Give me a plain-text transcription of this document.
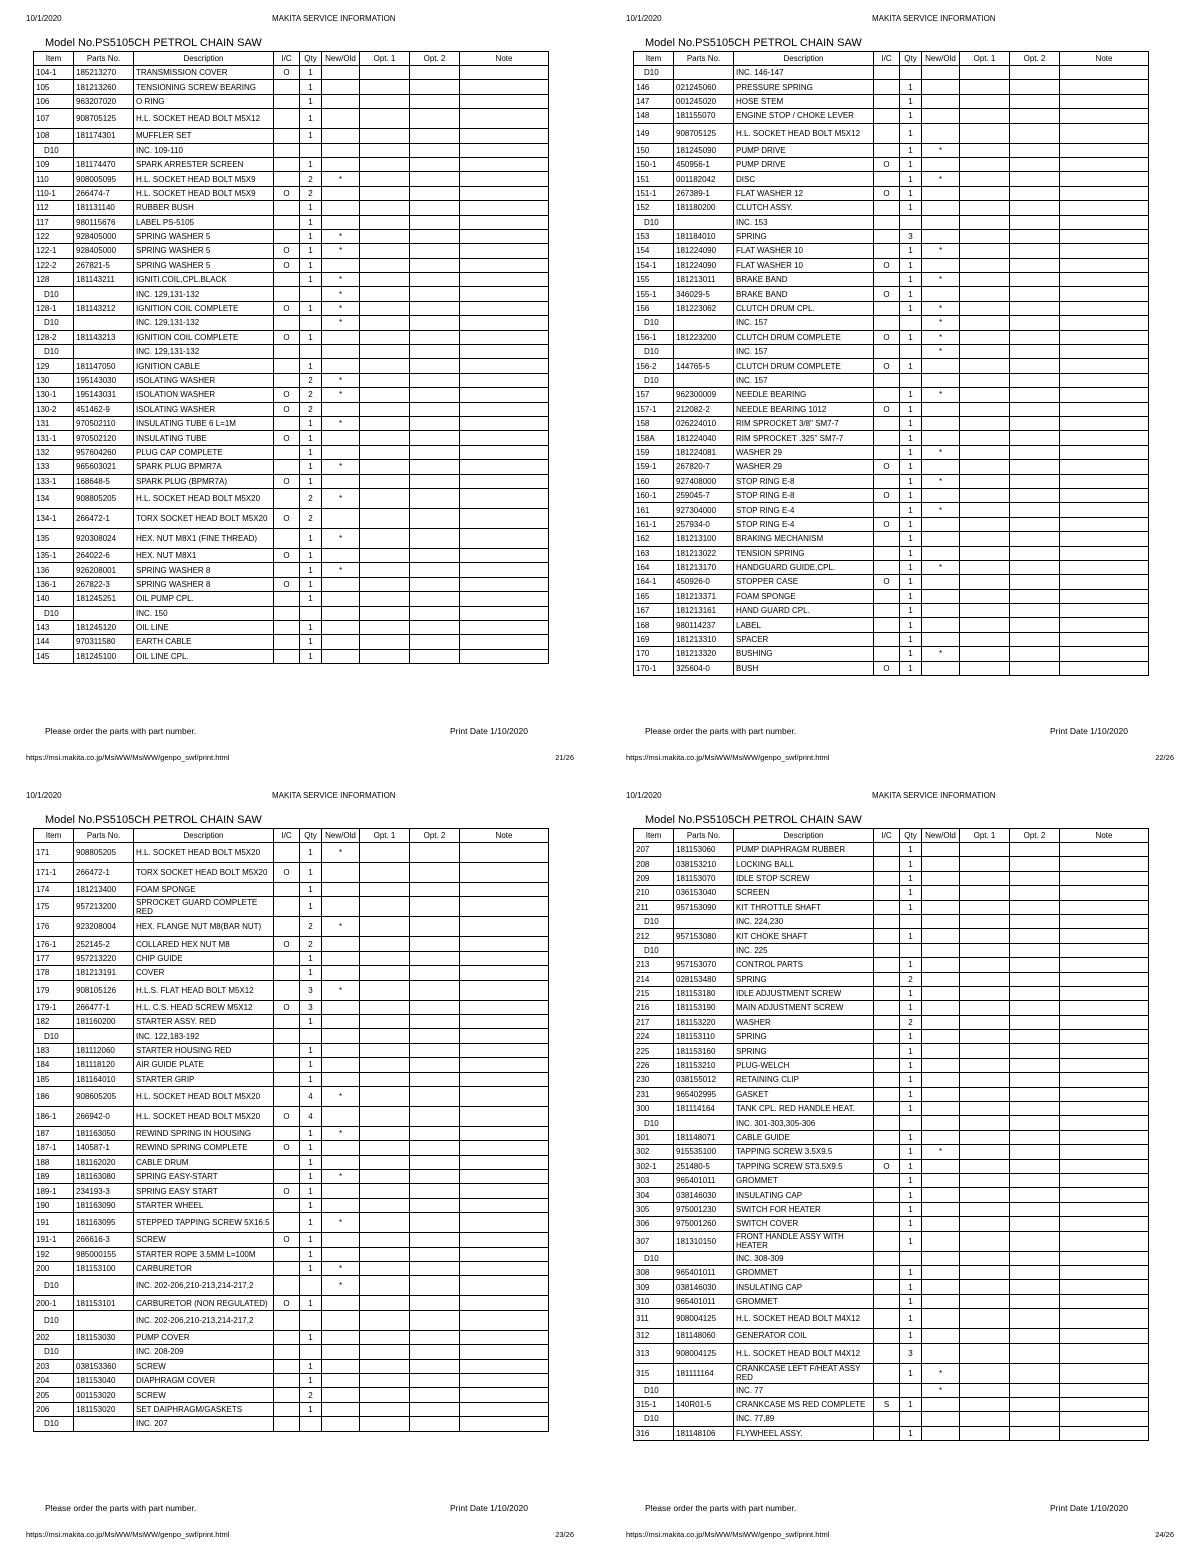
10/1/2020	MAKITA SERVICE INFORMATION
Model No.PS5105CH PETROL CHAIN SAW
Item	Parts No.	Description	I/C	Qty	New/Old	Opt. 1	Opt. 2	Note
104-1	185213270	TRANSMISSION COVER	O	1				
105	181213260	TENSIONING SCREW BEARING		1				
106	963207020	O RING		1				
107	908705125	H.L. SOCKET HEAD BOLT M5X12		1				
108	181174301	MUFFLER SET		1				
D10		INC. 109-110						
109	181174470	SPARK ARRESTER SCREEN		1				
110	908005095	H.L. SOCKET HEAD BOLT M5X9		2	*			
110-1	266474-7	H.L. SOCKET HEAD BOLT M5X9	O	2				
112	181131140	RUBBER BUSH		1				
117	980115676	LABEL PS-5105		1				
122	928405000	SPRING WASHER 5		1	*			
122-1	928405000	SPRING WASHER 5	O	1	*			
122-2	267821-5	SPRING WASHER 5	O	1				
128	181143211	IGNITI.COIL,CPL.BLACK		1	*			
D10		INC. 129,131-132			*			
128-1	181143212	IGNITION COIL COMPLETE	O	1	*			
D10		INC. 129,131-132			*			
128-2	181143213	IGNITION COIL COMPLETE	O	1				
D10		INC. 129,131-132						
129	181147050	IGNITION CABLE		1				
130	195143030	ISOLATING WASHER		2	*			
130-1	195143031	ISOLATION WASHER	O	2	*			
130-2	451462-9	ISOLATING WASHER	O	2				
131	970502110	INSULATING TUBE 6 L=1M		1	*			
131-1	970502120	INSULATING TUBE	O	1				
132	957604260	PLUG CAP COMPLETE		1				
133	965603021	SPARK PLUG BPMR7A		1	*			
133-1	168648-5	SPARK PLUG (BPMR7A)	O	1				
134	908805205	H.L. SOCKET HEAD BOLT M5X20		2	*			
134-1	266472-1	TORX SOCKET HEAD BOLT M5X20	O	2				
135	920308024	HEX. NUT M8X1 (FINE THREAD)		1	*			
135-1	264022-6	HEX. NUT M8X1	O	1				
136	926208001	SPRING WASHER 8		1	*			
136-1	267822-3	SPRING WASHER 8	O	1				
140	181245251	OIL PUMP CPL.		1				
D10		INC. 150						
143	181245120	OIL LINE		1				
144	970311580	EARTH CABLE		1				
145	181245100	OIL LINE CPL.		1				
Please order the parts with part number.	Print Date 1/10/2020
https://msi.makita.co.jp/MsiWW/MsiWW/genpo_swf/print.html	21/26
10/1/2020	MAKITA SERVICE INFORMATION
Model No.PS5105CH PETROL CHAIN SAW
Item	Parts No.	Description	I/C	Qty	New/Old	Opt. 1	Opt. 2	Note
D10		INC. 146-147						
146	021245060	PRESSURE SPRING		1				
147	001245020	HOSE STEM		1				
148	181155070	ENGINE STOP / CHOKE LEVER		1				
149	908705125	H.L. SOCKET HEAD BOLT M5X12		1				
150	181245090	PUMP DRIVE		1	*			
150-1	450956-1	PUMP DRIVE	O	1				
151	001182042	DISC		1	*			
151-1	267389-1	FLAT WASHER 12	O	1				
152	181180200	CLUTCH ASSY.		1				
D10		INC. 153						
153	181184010	SPRING		3				
154	181224090	FLAT WASHER 10		1	*			
154-1	181224090	FLAT WASHER 10	O	1				
155	181213011	BRAKE BAND		1	*			
155-1	346029-5	BRAKE BAND	O	1				
156	181223062	CLUTCH DRUM CPL.		1	*			
D10		INC. 157			*			
156-1	181223200	CLUTCH DRUM COMPLETE	O	1	*			
D10		INC. 157			*			
156-2	144765-5	CLUTCH DRUM COMPLETE	O	1				
D10		INC. 157						
157	962300009	NEEDLE BEARING		1	*			
157-1	212082-2	NEEDLE BEARING 1012	O	1				
158	026224010	RIM SPROCKET 3/8" SM7-7		1				
158A	181224040	RIM SPROCKET .325" SM7-7		1				
159	181224081	WASHER 29		1	*			
159-1	267820-7	WASHER 29	O	1				
160	927408000	STOP RING E-8		1	*			
160-1	259045-7	STOP RING E-8	O	1				
161	927304000	STOP RING E-4		1	*			
161-1	257934-0	STOP RING E-4	O	1				
162	181213100	BRAKING MECHANISM		1				
163	181213022	TENSION SPRING		1				
164	181213170	HANDGUARD GUIDE,CPL.		1	*			
164-1	450926-0	STOPPER CASE	O	1				
165	181213371	FOAM SPONGE		1				
167	181213161	HAND GUARD CPL.		1				
168	980114237	LABEL		1				
169	181213310	SPACER		1				
170	181213320	BUSHING		1	*			
170-1	325604-0	BUSH	O	1				
Please order the parts with part number.	Print Date 1/10/2020
https://msi.makita.co.jp/MsiWW/MsiWW/genpo_swf/print.html	22/26
10/1/2020	MAKITA SERVICE INFORMATION
Model No.PS5105CH PETROL CHAIN SAW
Item	Parts No.	Description	I/C	Qty	New/Old	Opt. 1	Opt. 2	Note
171	908805205	H.L. SOCKET HEAD BOLT M5X20		1	*			
171-1	266472-1	TORX SOCKET HEAD BOLT M5X20	O	1				
174	181213400	FOAM SPONGE		1				
175	957213200	SPROCKET GUARD COMPLETE RED		1				
176	923208004	HEX. FLANGE NUT M8(BAR NUT)		2	*			
176-1	252145-2	COLLARED HEX NUT M8	O	2				
177	957213220	CHIP GUIDE		1				
178	181213191	COVER		1				
179	908105126	H.L.S. FLAT HEAD BOLT M5X12		3	*			
179-1	266477-1	H.L. C.S. HEAD SCREW M5X12	O	3				
182	181160200	STARTER ASSY. RED		1				
D10		INC. 122,183-192						
183	181112060	STARTER HOUSING RED		1				
184	181118120	AIR GUIDE PLATE		1				
185	181164010	STARTER GRIP		1				
186	908605205	H.L. SOCKET HEAD BOLT M5X20		4	*			
186-1	266942-0	H.L. SOCKET HEAD BOLT M5X20	O	4				
187	181163050	REWIND SPRING IN HOUSING		1	*			
187-1	140587-1	REWIND SPRING COMPLETE	O	1				
188	181162020	CABLE DRUM		1				
189	181163080	SPRING EASY-START		1	*			
189-1	234193-3	SPRING EASY START	O	1				
190	181163090	STARTER WHEEL		1				
191	181163095	STEPPED TAPPING SCREW 5X16.5		1	*			
191-1	266616-3	SCREW	O	1				
192	985000155	STARTER ROPE 3.5MM L=100M		1				
200	181153100	CARBURETOR		1	*			
D10		INC. 202-206,210-213,214-217,2			*			
200-1	181153101	CARBURETOR (NON REGULATED)	O	1				
D10		INC. 202-206,210-213,214-217,2						
202	181153030	PUMP COVER		1				
D10		INC. 208-209						
203	038153360	SCREW		1				
204	181153040	DIAPHRAGM COVER		1				
205	001153020	SCREW		2				
206	181153020	SET DAIPHRAGM/GASKETS		1				
D10		INC. 207						
Please order the parts with part number.	Print Date 1/10/2020
https://msi.makita.co.jp/MsiWW/MsiWW/genpo_swf/print.html	23/26
10/1/2020	MAKITA SERVICE INFORMATION
Model No.PS5105CH PETROL CHAIN SAW
Item	Parts No.	Description	I/C	Qty	New/Old	Opt. 1	Opt. 2	Note
207	181153060	PUMP DIAPHRAGM RUBBER		1				
208	038153210	LOCKING BALL		1				
209	181153070	IDLE STOP SCREW		1				
210	036153040	SCREEN		1				
211	957153090	KIT THROTTLE SHAFT		1				
D10		INC. 224,230						
212	957153080	KIT CHOKE SHAFT		1				
D10		INC. 225						
213	957153070	CONTROL PARTS		1				
214	028153480	SPRING		2				
215	181153180	IDLE ADJUSTMENT SCREW		1				
216	181153190	MAIN ADJUSTMENT SCREW		1				
217	181153220	WASHER		2				
224	181153110	SPRING		1				
225	181153160	SPRING		1				
226	181153210	PLUG-WELCH		1				
230	038155012	RETAINING CLIP		1				
231	965402995	GASKET		1				
300	181114164	TANK CPL. RED HANDLE HEAT.		1				
D10		INC. 301-303,305-306						
301	181148071	CABLE GUIDE		1				
302	915535100	TAPPING SCREW 3.5X9.5		1	*			
302-1	251480-5	TAPPING SCREW ST3.5X9.5	O	1				
303	965401011	GROMMET		1				
304	038146030	INSULATING CAP		1				
305	975001230	SWITCH FOR HEATER		1				
306	975001260	SWITCH COVER		1				
307	181310150	FRONT HANDLE ASSY WITH HEATER		1				
D10		INC. 308-309						
308	965401011	GROMMET		1				
309	038146030	INSULATING CAP		1				
310	965401011	GROMMET		1				
311	908004125	H.L. SOCKET HEAD BOLT M4X12		1				
312	181148060	GENERATOR COIL		1				
313	908004125	H.L. SOCKET HEAD BOLT M4X12		3				
315	181111164	CRANKCASE LEFT F/HEAT ASSY RED		1	*			
D10		INC. 77			*			
315-1	140R01-5	CRANKCASE MS RED COMPLETE	S	1				
D10		INC. 77,89						
316	181148106	FLYWHEEL ASSY.		1				
Please order the parts with part number.	Print Date 1/10/2020
https://msi.makita.co.jp/MsiWW/MsiWW/genpo_swf/print.html	24/26
